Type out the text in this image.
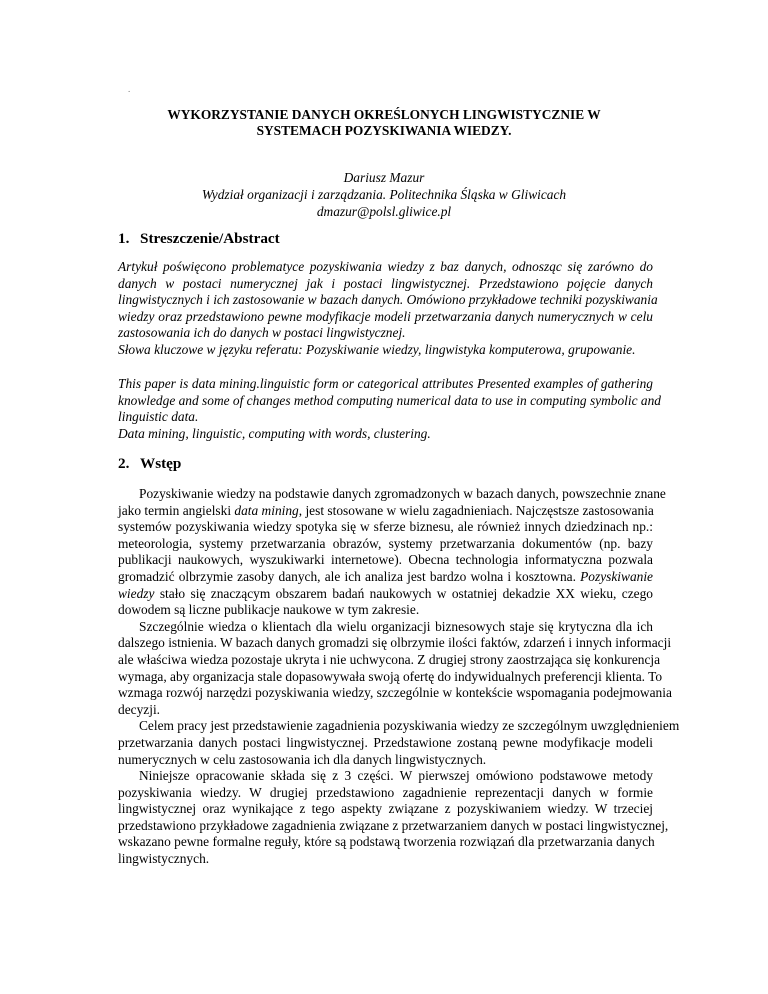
.
WYKORZYSTANIE DANYCH OKREŚLONYCH LINGWISTYCZNIE W
SYSTEMACH POZYSKIWANIA WIEDZY.
Dariusz Mazur
Wydział organizacji i zarządzania. Politechnika Śląska w Gliwicach
dmazur@polsl.gliwice.pl
1. Streszczenie/Abstract
Artykuł poświęcono problematyce pozyskiwania wiedzy z baz danych, odnosząc się zarówno do
danych w postaci numerycznej jak i postaci lingwistycznej. Przedstawiono pojęcie danych
lingwistycznych i ich zastosowanie w bazach danych. Omówiono przykładowe techniki pozyskiwania
wiedzy oraz przedstawiono pewne modyfikacje modeli przetwarzania danych numerycznych w celu
zastosowania ich do danych w postaci lingwistycznej.
Słowa kluczowe w języku referatu: Pozyskiwanie wiedzy, lingwistyka komputerowa, grupowanie.
This paper is data mining.linguistic form or categorical attributes Presented examples of gathering
knowledge and some of changes method computing numerical data to use in computing symbolic and
linguistic data.
Data mining, linguistic, computing with words, clustering.
2. Wstęp
Pozyskiwanie wiedzy na podstawie danych zgromadzonych w bazach danych, powszechnie znane
jako termin angielski data mining, jest stosowane w wielu zagadnieniach. Najczęstsze zastosowania
systemów pozyskiwania wiedzy spotyka się w sferze biznesu, ale również innych dziedzinach np.:
meteorologia, systemy przetwarzania obrazów, systemy przetwarzania dokumentów (np. bazy
publikacji naukowych, wyszukiwarki internetowe). Obecna technologia informatyczna pozwala
gromadzić olbrzymie zasoby danych, ale ich analiza jest bardzo wolna i kosztowna. Pozyskiwanie
wiedzy stało się znaczącym obszarem badań naukowych w ostatniej dekadzie XX wieku, czego
dowodem są liczne publikacje naukowe w tym zakresie.
Szczególnie wiedza o klientach dla wielu organizacji biznesowych staje się krytyczna dla ich
dalszego istnienia. W bazach danych gromadzi się olbrzymie ilości faktów, zdarzeń i innych informacji
ale właściwa wiedza pozostaje ukryta i nie uchwycona. Z drugiej strony zaostrzająca się konkurencja
wymaga, aby organizacja stale dopasowywała swoją ofertę do indywidualnych preferencji klienta. To
wzmaga rozwój narzędzi pozyskiwania wiedzy, szczególnie w kontekście wspomagania podejmowania
decyzji.
Celem pracy jest przedstawienie zagadnienia pozyskiwania wiedzy ze szczególnym uwzględnieniem
przetwarzania danych postaci lingwistycznej. Przedstawione zostaną pewne modyfikacje modeli
numerycznych w celu zastosowania ich dla danych lingwistycznych.
Niniejsze opracowanie składa się z 3 części. W pierwszej omówiono podstawowe metody
pozyskiwania wiedzy. W drugiej przedstawiono zagadnienie reprezentacji danych w formie
lingwistycznej oraz wynikające z tego aspekty związane z pozyskiwaniem wiedzy. W trzeciej
przedstawiono przykładowe zagadnienia związane z przetwarzaniem danych w postaci lingwistycznej,
wskazano pewne formalne reguły, które są podstawą tworzenia rozwiązań dla przetwarzania danych
lingwistycznych.
